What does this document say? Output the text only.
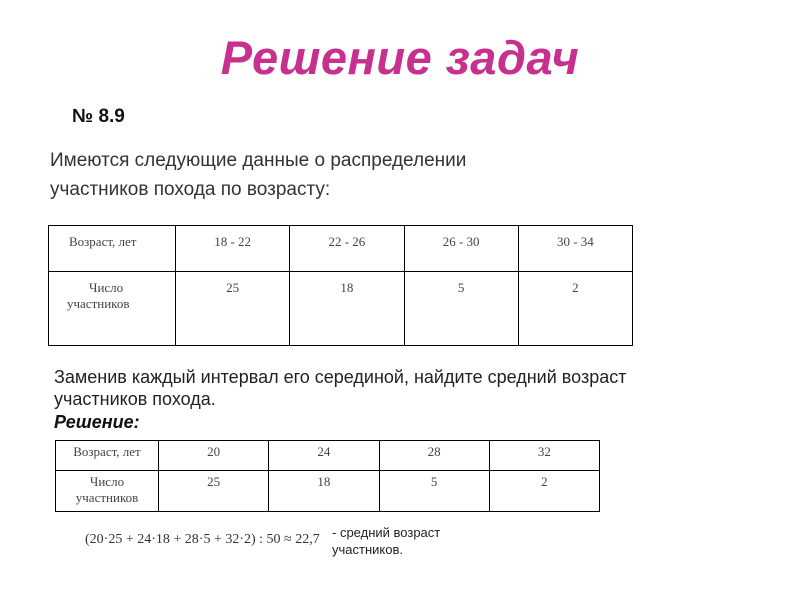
Решение задач
№ 8.9
Имеются следующие данные о распределении
участников похода по возрасту:
Возраст, лет	18 - 22	22 - 26	26 - 30	30 - 34

Число
участников	25	18	5	2
Заменив каждый интервал его серединой, найдите средний возраст
участников похода.
Решение:
Возраст, лет	20	24	28	32

Число
участников	25	18	5	2
(20·25 + 24·18 + 28·5 + 32·2) : 50 ≈ 22,7 - средний возраст
участников.
